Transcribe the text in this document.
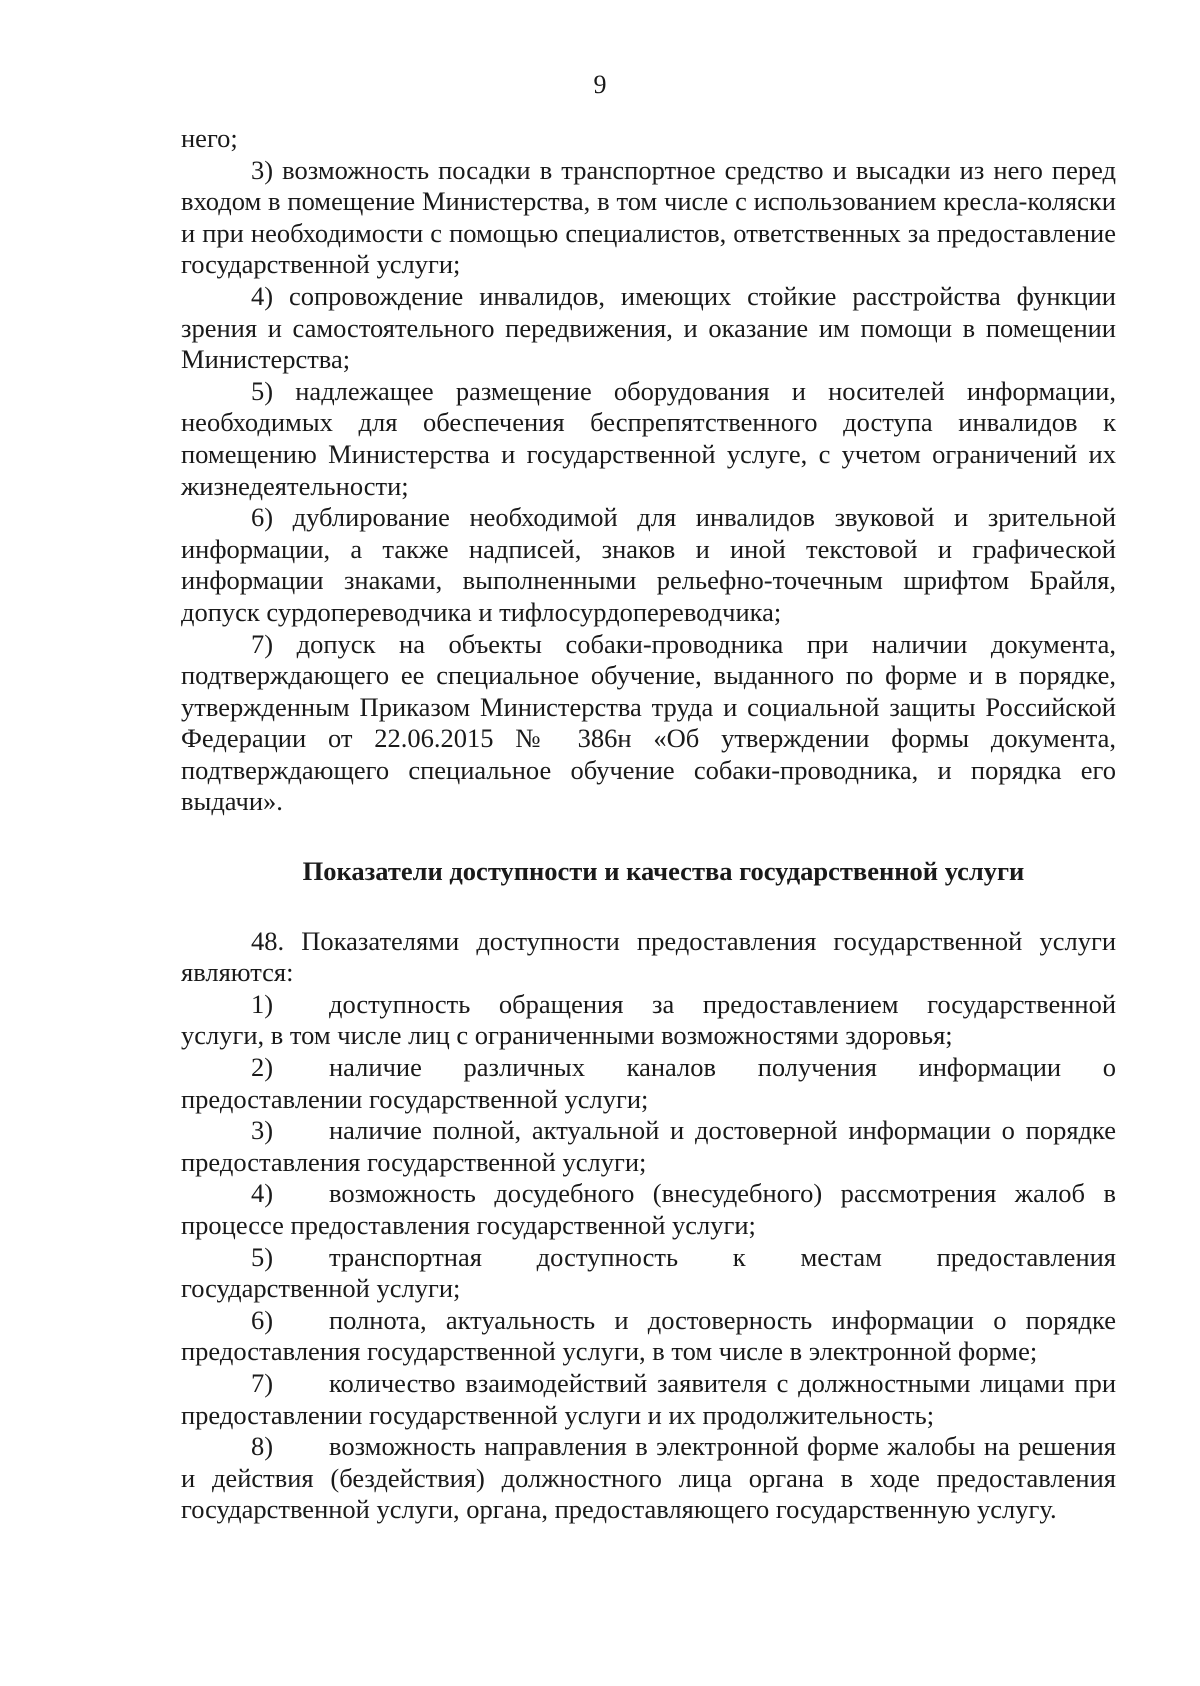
9

него;

3) возможность посадки в транспортное средство и высадки из него перед входом в помещение Министерства, в том числе с использованием кресла-коляски и при необходимости с помощью специалистов, ответственных за предоставление государственной услуги;

4) сопровождение инвалидов, имеющих стойкие расстройства функции зрения и самостоятельного передвижения, и оказание им помощи в помещении Министерства;

5) надлежащее размещение оборудования и носителей информации, необходимых для обеспечения беспрепятственного доступа инвалидов к помещению Министерства и государственной услуге, с учетом ограничений их жизнедеятельности;

6) дублирование необходимой для инвалидов звуковой и зрительной информации, а также надписей, знаков и иной текстовой и графической информации знаками, выполненными рельефно-точечным шрифтом Брайля, допуск сурдопереводчика и тифлосурдопереводчика;

7) допуск на объекты собаки-проводника при наличии документа, подтверждающего ее специальное обучение, выданного по форме и в порядке, утвержденным Приказом Министерства труда и социальной защиты Российской Федерации от 22.06.2015 № 386н «Об утверждении формы документа, подтверждающего специальное обучение собаки-проводника, и порядка его выдачи».

Показатели доступности и качества государственной услуги

48. Показателями доступности предоставления государственной услуги являются:

1) доступность обращения за предоставлением государственной услуги, в том числе лиц с ограниченными возможностями здоровья;

2) наличие различных каналов получения информации о предоставлении государственной услуги;

3) наличие полной, актуальной и достоверной информации о порядке предоставления государственной услуги;

4) возможность досудебного (внесудебного) рассмотрения жалоб в процессе предоставления государственной услуги;

5) транспортная доступность к местам предоставления государственной услуги;

6) полнота, актуальность и достоверность информации о порядке предоставления государственной услуги, в том числе в электронной форме;

7) количество взаимодействий заявителя с должностными лицами при предоставлении государственной услуги и их продолжительность;

8) возможность направления в электронной форме жалобы на решения и действия (бездействия) должностного лица органа в ходе предоставления государственной услуги, органа, предоставляющего государственную услугу.
